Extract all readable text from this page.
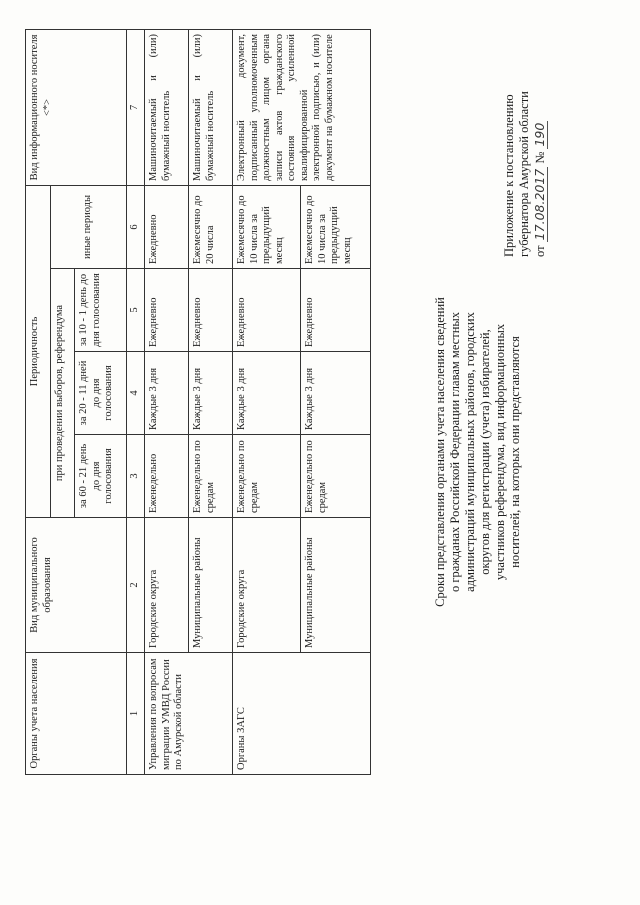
Приложение к постановлению губернатора Амурской области от 17.08.2017 № 190
Сроки представления органами учета населения сведений о гражданах Российской Федерации главам местных администраций муниципальных районов, городских округов для регистрации (учета) избирателей, участников референдума, вид информационных носителей, на которых они представляются
Органы учета населения	Вид муниципального образования	Периодичность				Вид информационного носителя <*>
		при проведении выборов, референдума			иные периоды	
		за 60 - 21 день до дня голосования	за 20 - 11 дней до дня голосования	за 10 - 1 день до дня голосования		
1	2	3	4	5	6	7
Управления по вопросам миграции УМВД России по Амурской области	Городские округа	Еженедельно	Каждые 3 дня	Ежедневно	Ежедневно	Машиночитаемый и (или) бумажный носитель
	Муниципальные районы	Еженедельно по средам	Каждые 3 дня	Ежедневно	Ежемесячно до 20 числа	Машиночитаемый и (или) бумажный носитель
Органы ЗАГС	Городские округа	Еженедельно по средам	Каждые 3 дня	Ежедневно	Ежемесячно до 10 числа за предыдущий месяц	Электронный документ, подписанный уполномоченным должностным лицом органа записи актов гражданского состояния усиленной квалифицированной электронной подписью, и (или) документ на бумажном носителе
	Муниципальные районы	Еженедельно по средам	Каждые 3 дня	Ежедневно	Ежемесячно до 10 числа за предыдущий месяц	
